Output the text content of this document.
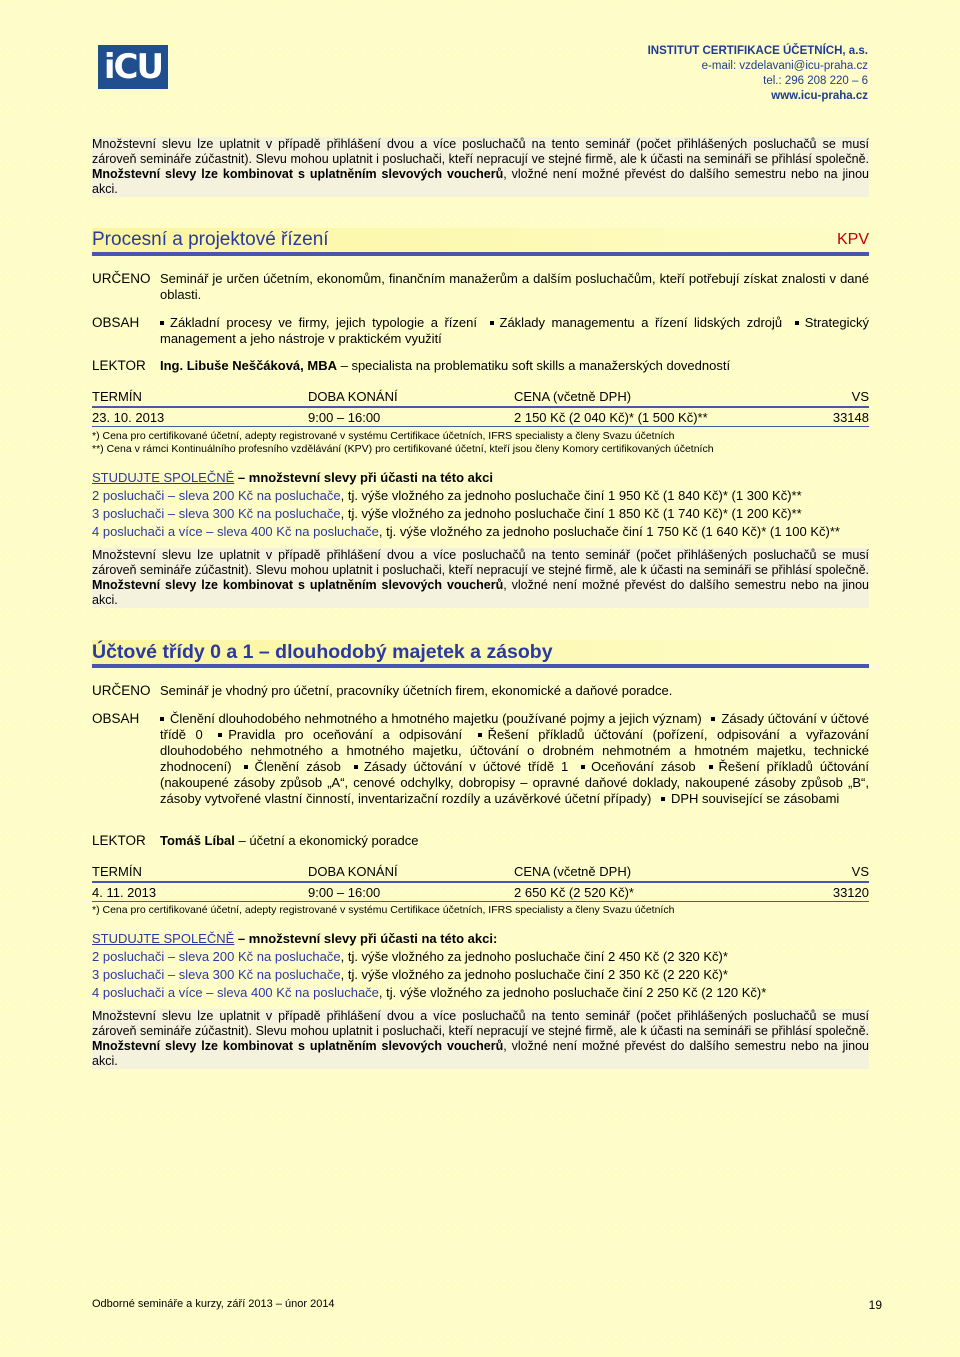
iCU	INSTITUT CERTIFIKACE ÚČETNÍCH, a.s.
e-mail: vzdelavani@icu-praha.cz
tel.: 296 208 220 – 6
www.icu-praha.cz
Množstevní slevu lze uplatnit v případě přihlášení dvou a více posluchačů na tento seminář (počet přihlášených posluchačů se musí zároveň semináře zúčastnit). Slevu mohou uplatnit i posluchači, kteří nepracují ve stejné firmě, ale k účasti na semináři se přihlásí společně. Množstevní slevy lze kombinovat s uplatněním slevových voucherů, vložné není možné převést do dalšího semestru nebo na jinou akci.
Procesní a projektové řízení	KPV
URČENO Seminář je určen účetním, ekonomům, finančním manažerům a dalším posluchačům, kteří potřebují získat znalosti v dané oblasti.
OBSAH	Základní procesy ve firmy, jejich typologie a řízení Základy managementu a řízení lidských zdrojů Strategický management a jeho nástroje v praktickém využití
LEKTOR Ing. Libuše Neščáková, MBA – specialista na problematiku soft skills a manažerských dovedností
TERMÍN	DOBA KONÁNÍ	CENA (včetně DPH)	VS
23. 10. 2013	9:00 – 16:00	2 150 Kč (2 040 Kč)* (1 500 Kč)**	33148
*) Cena pro certifikované účetní, adepty registrované v systému Certifikace účetních, IFRS specialisty a členy Svazu účetních
**) Cena v rámci Kontinuálního profesního vzdělávání (KPV) pro certifikované účetní, kteří jsou členy Komory certifikovaných účetních
STUDUJTE SPOLEČNĚ – množstevní slevy při účasti na této akci
2 posluchači – sleva 200 Kč na posluchače, tj. výše vložného za jednoho posluchače činí 1 950 Kč (1 840 Kč)* (1 300 Kč)**
3 posluchači – sleva 300 Kč na posluchače, tj. výše vložného za jednoho posluchače činí 1 850 Kč (1 740 Kč)* (1 200 Kč)**
4 posluchači a více – sleva 400 Kč na posluchače, tj. výše vložného za jednoho posluchače činí 1 750 Kč (1 640 Kč)* (1 100 Kč)**
Množstevní slevu lze uplatnit v případě přihlášení dvou a více posluchačů na tento seminář (počet přihlášených posluchačů se musí zároveň semináře zúčastnit). Slevu mohou uplatnit i posluchači, kteří nepracují ve stejné firmě, ale k účasti na semináři se přihlásí společně. Množstevní slevy lze kombinovat s uplatněním slevových voucherů, vložné není možné převést do dalšího semestru nebo na jinou akci.
Účtové třídy 0 a 1 – dlouhodobý majetek a zásoby
URČENO Seminář je vhodný pro účetní, pracovníky účetních firem, ekonomické a daňové poradce.
OBSAH	Členění dlouhodobého nehmotného a hmotného majetku (používané pojmy a jejich význam) Zásady účtování v účtové třídě 0 Pravidla pro oceňování a odpisování Řešení příkladů účtování (pořízení, odpisování a vyřazování dlouhodobého nehmotného a hmotného majetku, účtování o drobném nehmotném a hmotném majetku, technické zhodnocení) Členění zásob Zásady účtování v účtové třídě 1 Oceňování zásob Řešení příkladů účtování (nakoupené zásoby způsob „A“, cenové odchylky, dobropisy – opravné daňové doklady, nakoupené zásoby způsob „B“, zásoby vytvořené vlastní činností, inventarizační rozdíly a uzávěrkové účetní případy) DPH související se zásobami
LEKTOR Tomáš Líbal – účetní a ekonomický poradce
TERMÍN	DOBA KONÁNÍ	CENA (včetně DPH)	VS
4. 11. 2013	9:00 – 16:00	2 650 Kč (2 520 Kč)*	33120
*) Cena pro certifikované účetní, adepty registrované v systému Certifikace účetních, IFRS specialisty a členy Svazu účetních
STUDUJTE SPOLEČNĚ – množstevní slevy při účasti na této akci:
2 posluchači – sleva 200 Kč na posluchače, tj. výše vložného za jednoho posluchače činí 2 450 Kč (2 320 Kč)*
3 posluchači – sleva 300 Kč na posluchače, tj. výše vložného za jednoho posluchače činí 2 350 Kč (2 220 Kč)*
4 posluchači a více – sleva 400 Kč na posluchače, tj. výše vložného za jednoho posluchače činí 2 250 Kč (2 120 Kč)*
Množstevní slevu lze uplatnit v případě přihlášení dvou a více posluchačů na tento seminář (počet přihlášených posluchačů se musí zároveň semináře zúčastnit). Slevu mohou uplatnit i posluchači, kteří nepracují ve stejné firmě, ale k účasti na semináři se přihlásí společně. Množstevní slevy lze kombinovat s uplatněním slevových voucherů, vložné není možné převést do dalšího semestru nebo na jinou akci.
Odborné semináře a kurzy, září 2013 – únor 2014	19
